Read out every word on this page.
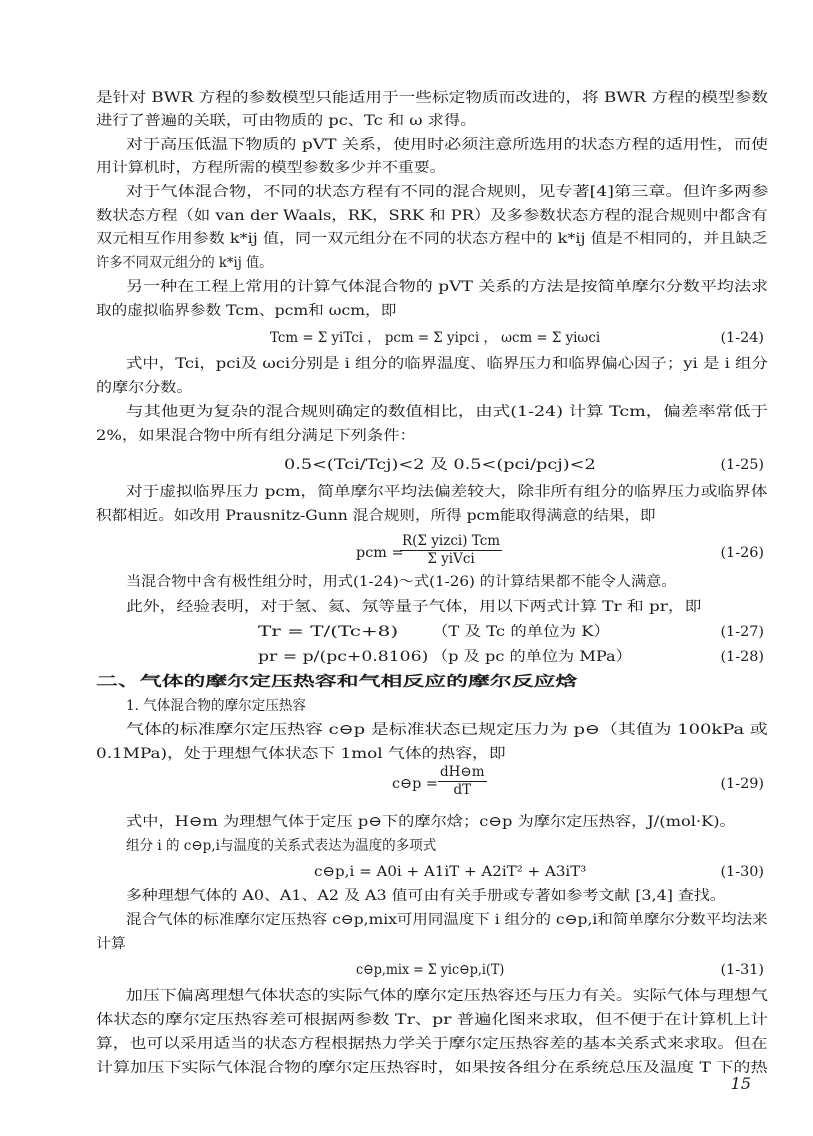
是针对 BWR 方程的参数模型只能适用于一些标定物质而改进的，将 BWR 方程的模型参数
进行了普遍的关联，可由物质的 pc、Tc 和 ω 求得。
对于高压低温下物质的 pVT 关系，使用时必须注意所选用的状态方程的适用性，而使
用计算机时，方程所需的模型参数多少并不重要。
对于气体混合物，不同的状态方程有不同的混合规则，见专著[4]第三章。但许多两参
数状态方程（如 van der Waals，RK，SRK 和 PR）及多参数状态方程的混合规则中都含有
双元相互作用参数 k*ij 值，同一双元组分在不同的状态方程中的 k*ij 值是不相同的，并且缺乏
许多不同双元组分的 k*ij 值。
另一种在工程上常用的计算气体混合物的 pVT 关系的方法是按简单摩尔分数平均法求
取的虚拟临界参数 Tcm、pcm和 ωcm，即
Tcm = Σ yiTci ， pcm = Σ yipci ， ωcm = Σ yiωci	(1-24)
式中，Tci，pci及 ωci分别是 i 组分的临界温度、临界压力和临界偏心因子；yi 是 i 组分
的摩尔分数。
与其他更为复杂的混合规则确定的数值相比，由式(1-24) 计算 Tcm，偏差率常低于
2%，如果混合物中所有组分满足下列条件：
0.5<(Tci/Tcj)<2 及 0.5<(pci/pcj)<2	(1-25)
对于虚拟临界压力 pcm，简单摩尔平均法偏差较大，除非所有组分的临界压力或临界体
积都相近。如改用 Prausnitz-Gunn 混合规则，所得 pcm能取得满意的结果，即
pcm =
R(Σ yizci) Tcm
Σ yiVci	(1-26)
当混合物中含有极性组分时，用式(1-24)～式(1-26) 的计算结果都不能令人满意。
此外，经验表明，对于氢、氦、氖等量子气体，用以下两式计算 Tr 和 pr，即
Tr = T/(Tc+8) （T 及 Tc 的单位为 K）	(1-27)
pr = p/(pc+0.8106) （p 及 pc 的单位为 MPa）	(1-28)
二、气体的摩尔定压热容和气相反应的摩尔反应焓
1. 气体混合物的摩尔定压热容
气体的标准摩尔定压热容 c⊖p 是标准状态已规定压力为 p⊖（其值为 100kPa 或
0.1MPa)，处于理想气体状态下 1mol 气体的热容，即
c⊖p = $\frac{dH⊖m}{dT}$	(1-29)
式中，H⊖m 为理想气体于定压 p⊖下的摩尔焓；c⊖p 为摩尔定压热容，J/(mol·K)。
组分 i 的 c⊖p,i与温度的关系式表达为温度的多项式
c⊖p,i = A0i + A1iT + A2iT² + A3iT³	(1-30)
多种理想气体的 A0、A1、A2 及 A3 值可由有关手册或专著如参考文献 [3,4] 查找。
混合气体的标准摩尔定压热容 c⊖p,mix可用同温度下 i 组分的 c⊖p,i和简单摩尔分数平均法来
计算
c⊖p,mix = Σ yic⊖p,i(T)	(1-31)
加压下偏离理想气体状态的实际气体的摩尔定压热容还与压力有关。实际气体与理想气
体状态的摩尔定压热容差可根据两参数 Tr、pr 普遍化图来求取，但不便于在计算机上计
算，也可以采用适当的状态方程根据热力学关于摩尔定压热容差的基本关系式来求取。但在
计算加压下实际气体混合物的摩尔定压热容时，如果按各组分在系统总压及温度 T 下的热
15
